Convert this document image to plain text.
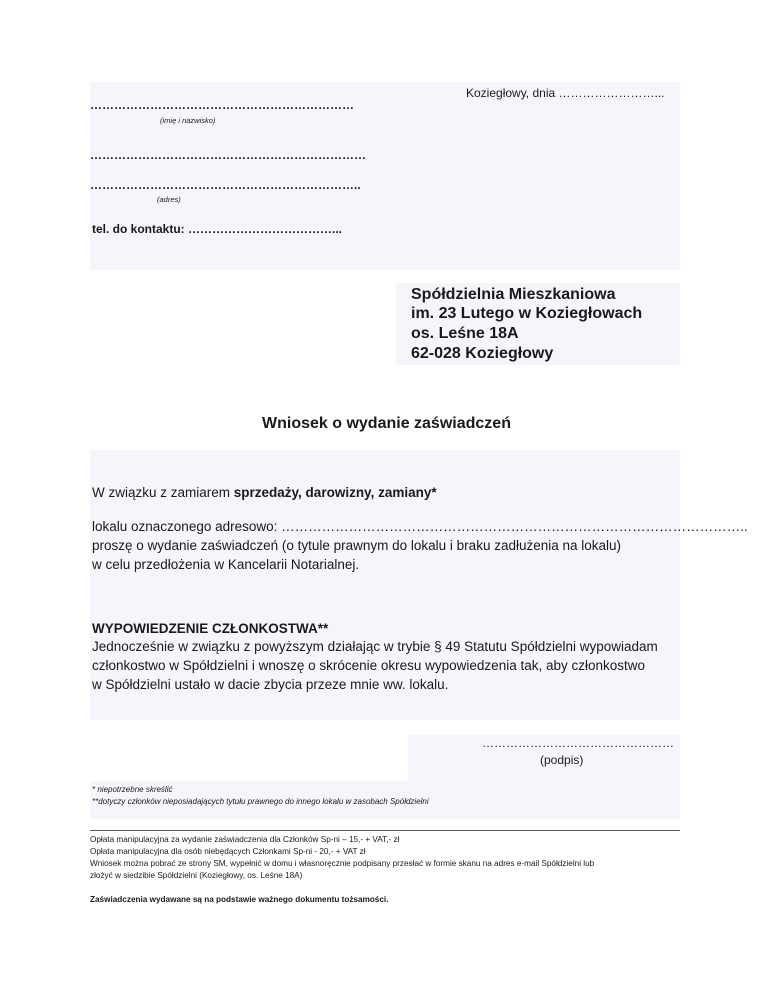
Koziegłowy, dnia ……………………...
…………………………………………………………
(imię i nazwisko)
……………………………………………………………
…………………………………………………………..
(adres)
tel. do kontaktu: ………………………………...
Spółdzielnia Mieszkaniowa
im. 23 Lutego w Koziegłowach
os. Leśne 18A
62-028 Koziegłowy
Wniosek o wydanie zaświadczeń
W związku z zamiarem sprzedaży, darowizny, zamiany*
lokalu oznaczonego adresowo: …………………………………………………………………………………………..
proszę o wydanie zaświadczeń (o tytule prawnym do lokalu i braku zadłużenia na lokalu)
w celu przedłożenia w Kancelarii Notarialnej.
WYPOWIEDZENIE CZŁONKOSTWA**
Jednocześnie w związku z powyższym działając w trybie § 49 Statutu Spółdzielni wypowiadam
członkostwo w Spółdzielni i wnoszę o skrócenie okresu wypowiedzenia tak, aby członkostwo
w Spółdzielni ustało w dacie zbycia przeze mnie ww. lokalu.
…………………………………………
(podpis)
* niepotrzebne skreślić
**dotyczy członków nieposiadających tytułu prawnego do innego lokalu w zasobach Spółdzielni
Opłata manipulacyjna za wydanie zaświadczenia dla Członków Sp-ni – 15,- + VAT,- zł
Opłata manipulacyjna dla osób niebędących Członkami Sp-ni - 20,- + VAT zł
Wniosek można pobrać ze strony SM, wypełnić w domu i własnoręcznie podpisany przesłać w formie skanu na adres e-mail Spółdzielni lub
złożyć w siedzibie Spółdzielni (Koziegłowy, os. Leśne 18A)
Zaświadczenia wydawane są na podstawie ważnego dokumentu tożsamości.
